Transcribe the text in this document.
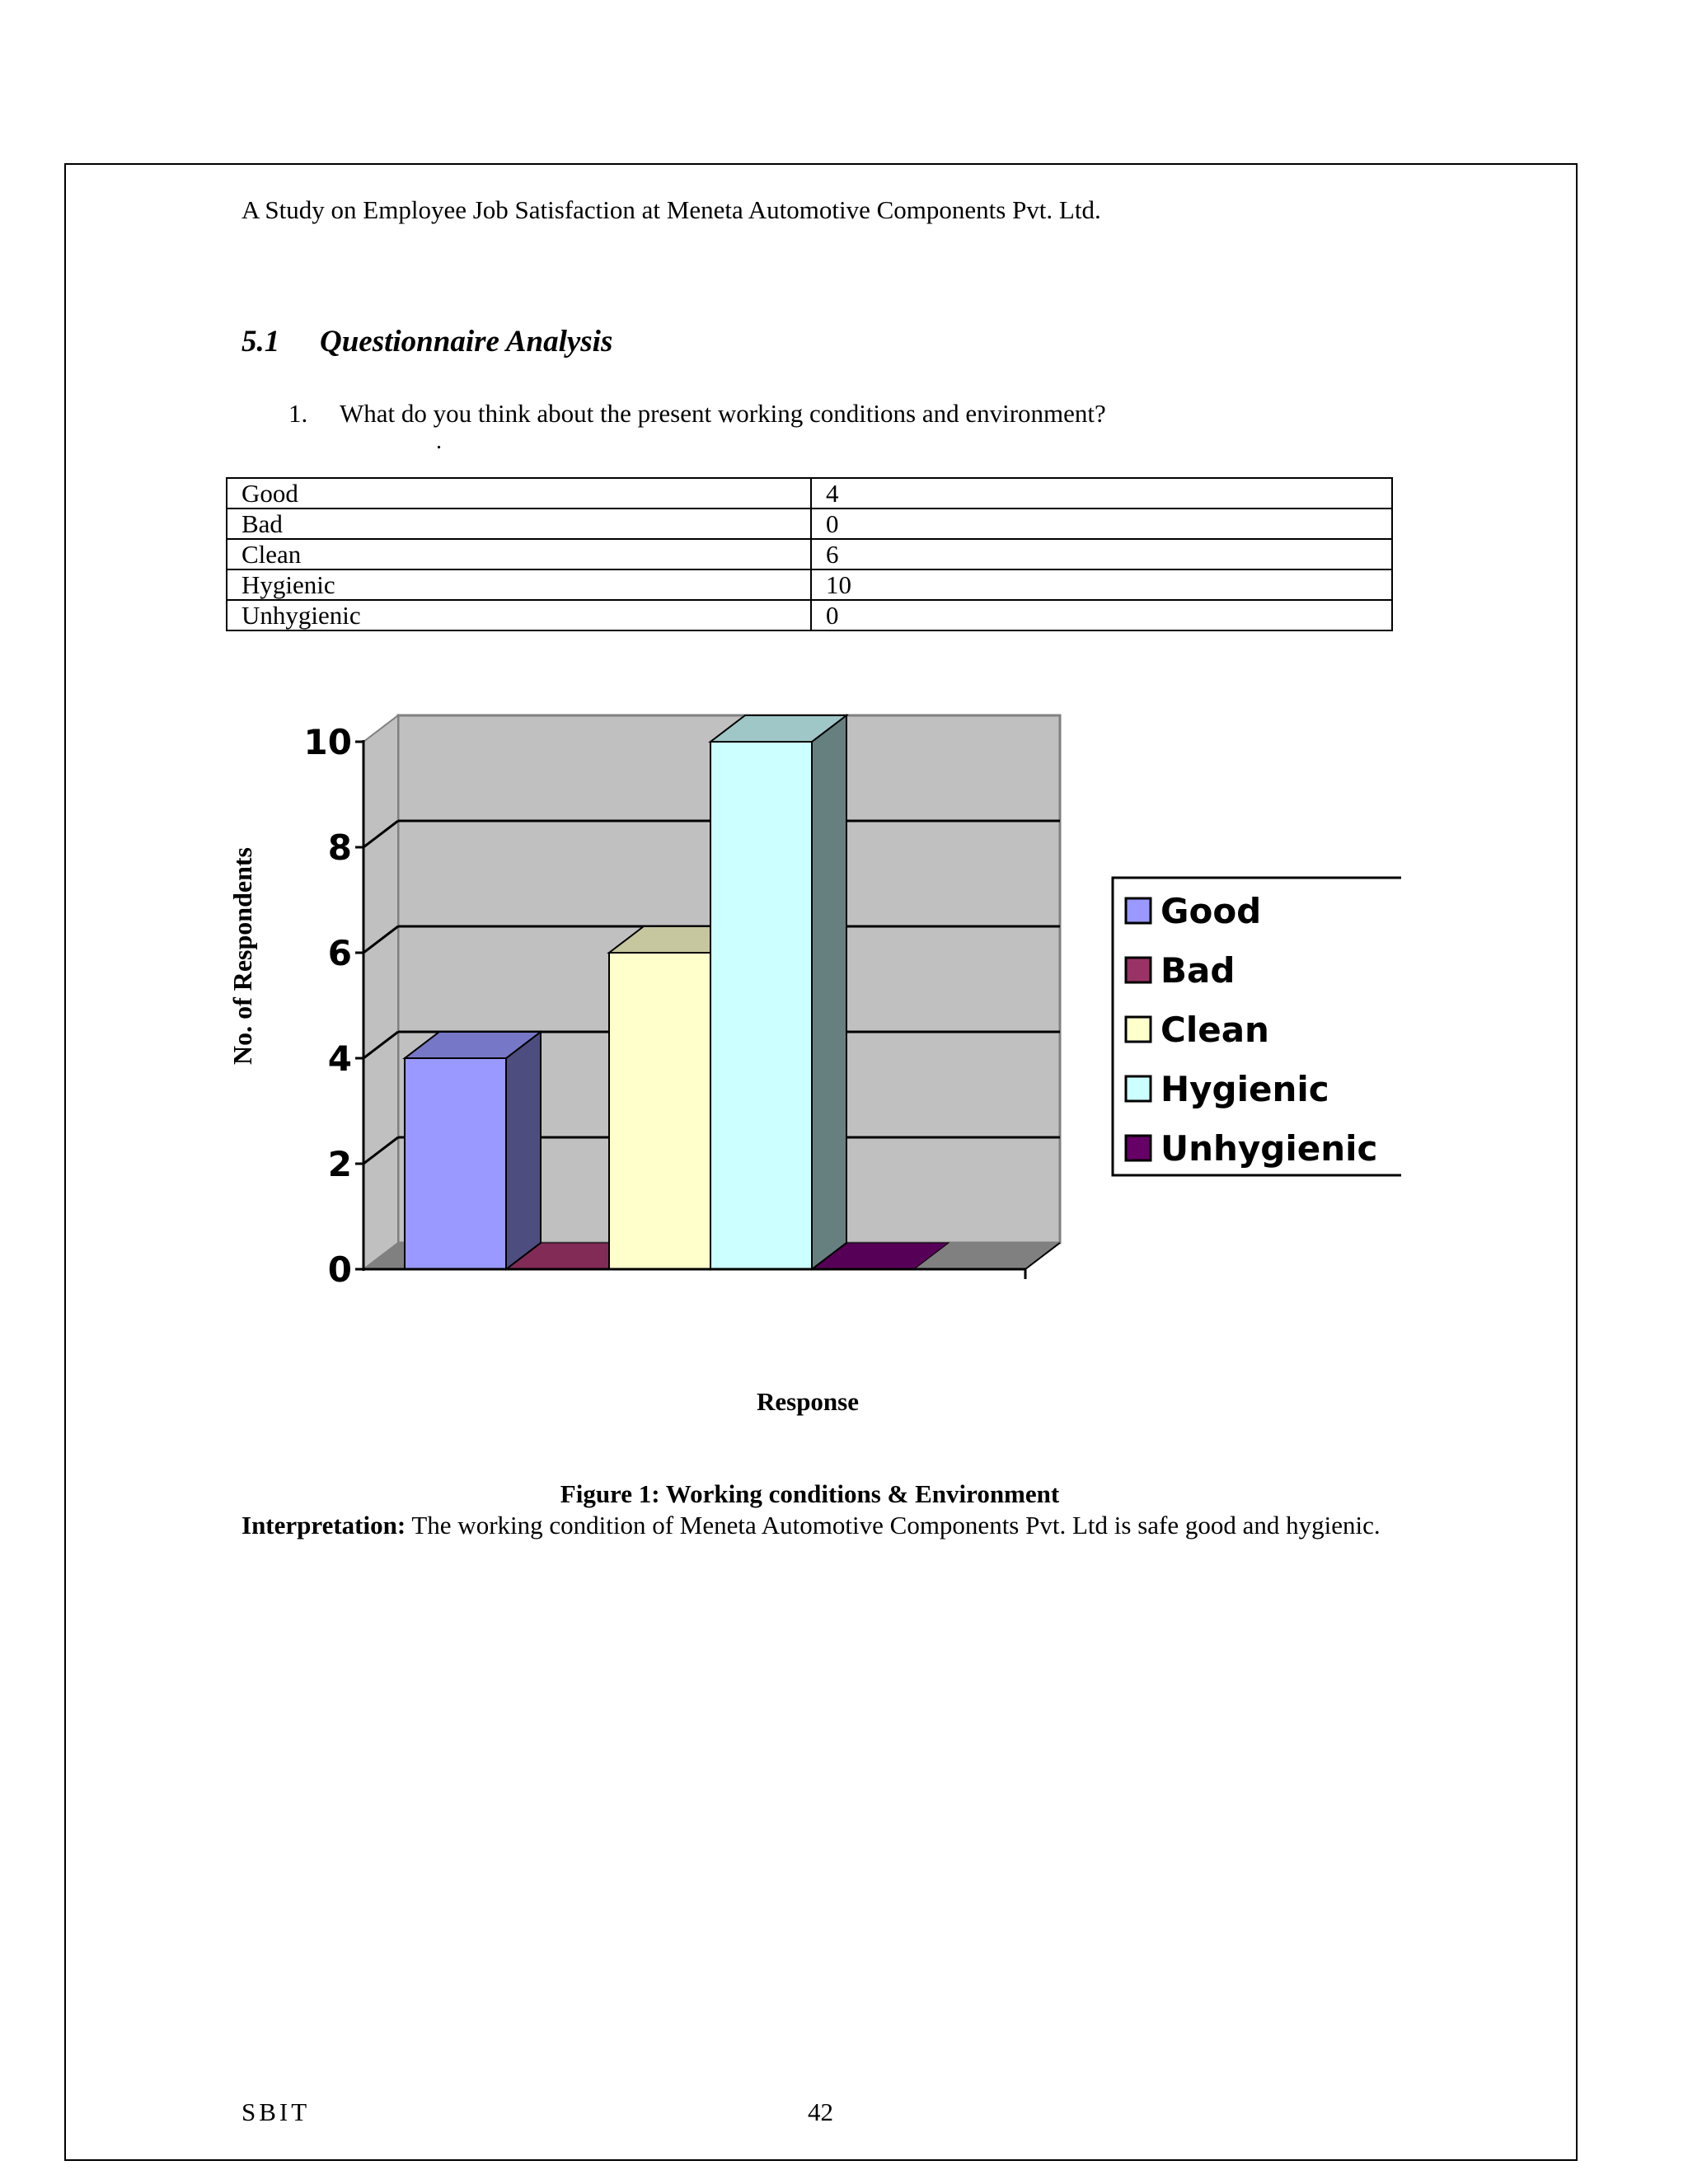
A Study on Employee Job Satisfaction at Meneta Automotive Components Pvt. Ltd.
5.1 Questionnaire Analysis
1. What do you think about the present working conditions and environment?
.
Good	4
Bad	0
Clean	6
Hygienic	10
Unhygienic	0
0
2
4
6
8
10
No. of Respondents
Response
Good
Bad
Clean
Hygienic
Unhygienic
Figure 1: Working conditions & Environment
Interpretation: The working condition of Meneta Automotive Components Pvt. Ltd is safe good and hygienic.
SBIT	42
